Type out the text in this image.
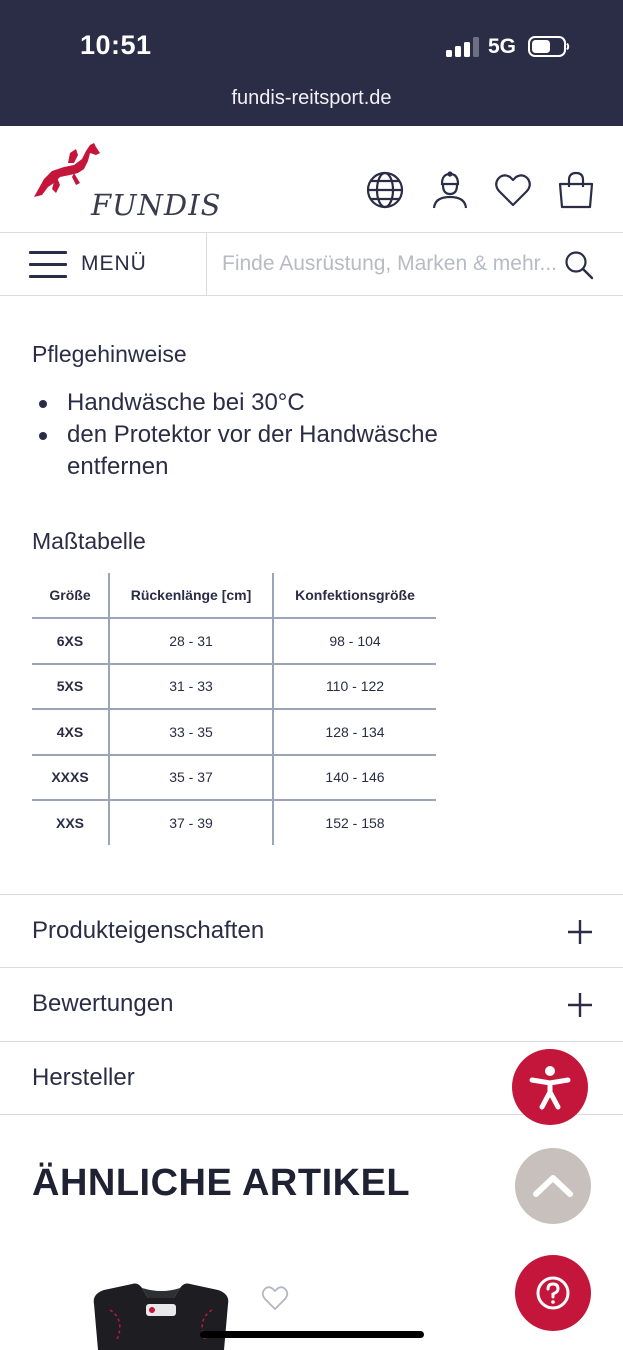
10:51	5G
fundis-reitsport.de
FUNDIS
MENÜ
Finde Ausrüstung, Marken & mehr...
Pflegehinweise
Handwäsche bei 30°C
den Protektor vor der Handwäsche entfernen
Maßtabelle
Größe	Rückenlänge [cm]	Konfektionsgröße
6XS	28 - 31	98 - 104
5XS	31 - 33	110 - 122
4XS	33 - 35	128 - 134
XXXS	35 - 37	140 - 146
XXS	37 - 39	152 - 158
Produkteigenschaften
Bewertungen
Hersteller
ÄHNLICHE ARTIKEL
